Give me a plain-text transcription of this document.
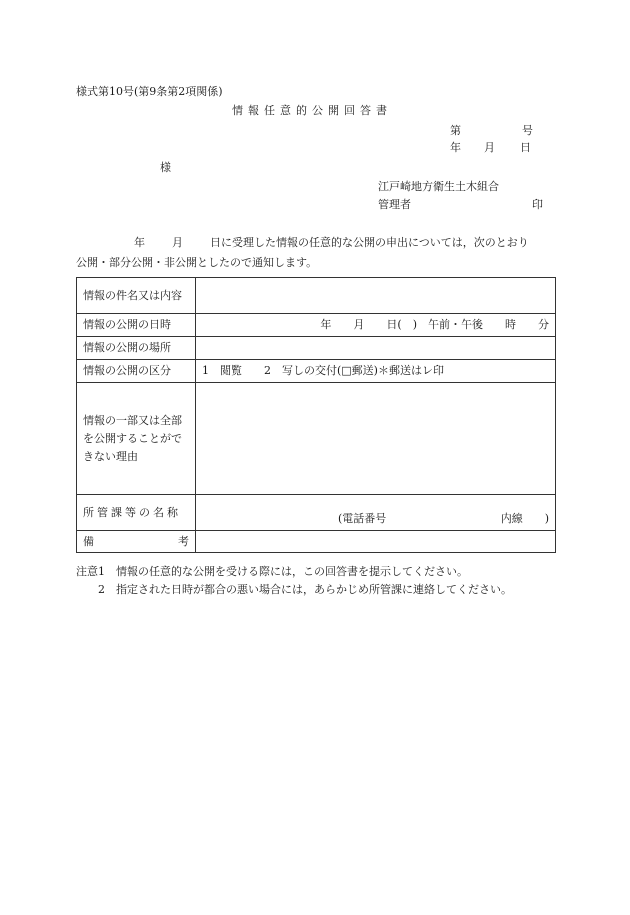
様式第10号(第9条第2項関係)
情報任意的公開回答書
第	号
年 月 日
様
江戸崎地方衛生土木組合
管理者	印
年 月 日に受理した情報の任意的な公開の申出については，次のとおり
公開・部分公開・非公開としたので通知します。
情報の件名又は内容	
情報の公開の日時	年　　月　　日(　)　午前・午後　　時　　分
情報の公開の場所	
情報の公開の区分	1　閲覧　　2　写しの交付(□郵送)＊郵送はレ印
情報の一部又は全部を公開することができない理由	
所管課等の名称	(電話番号 内線　　)

備 考	

注意1　情報の任意的な公開を受ける際には，この回答書を提示してください。
　　2　指定された日時が都合の悪い場合には，あらかじめ所管課に連絡してください。
